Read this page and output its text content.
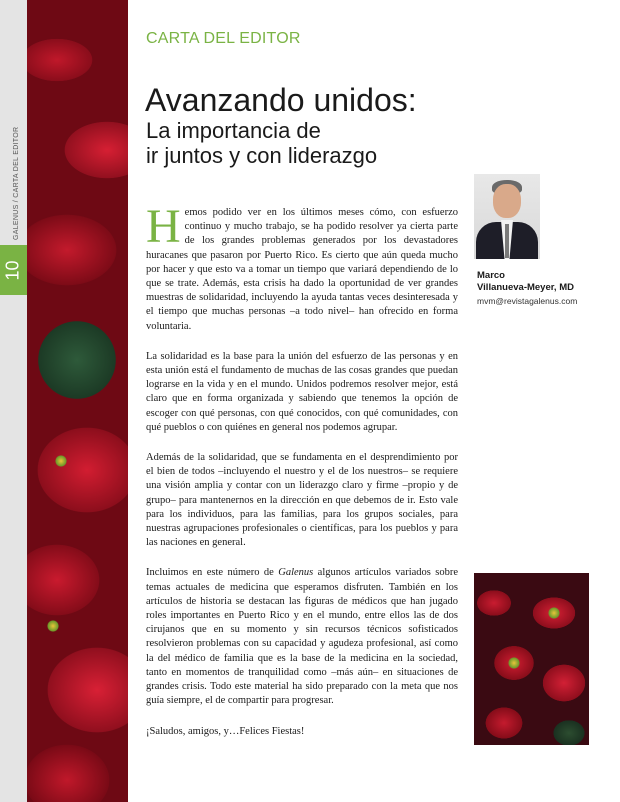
GALENUS / CARTA DEL EDITOR
10
CARTA DEL EDITOR
Avanzando unidos:
La importancia de
ir juntos y con liderazgo

Hemos podido ver en los últimos meses cómo, con esfuerzo continuo y mucho trabajo, se ha podido resolver ya cierta parte de los grandes problemas generados por los devastadores huracanes que pasaron por Puerto Rico. Es cierto que aún queda mucho por hacer y que esto va a tomar un tiempo que variará dependiendo de lo que se trate. Además, esta crisis ha dado la oportunidad de ver grandes muestras de solidaridad, incluyendo la ayuda tantas veces desinteresada y el tiempo que muchas personas –a todo nivel– han ofrecido en forma voluntaria.

La solidaridad es la base para la unión del esfuerzo de las personas y en esta unión está el fundamento de muchas de las cosas grandes que puedan lograrse en la vida y en el mundo. Unidos podremos resolver mejor, está claro que en forma organizada y sabiendo que tenemos la opción de escoger con qué personas, con qué conocidos, con qué comunidades, con qué pueblos o con quiénes en general nos podemos agrupar.

Además de la solidaridad, que se fundamenta en el desprendimiento por el bien de todos –incluyendo el nuestro y el de los nuestros– se requiere una visión amplia y contar con un liderazgo claro y firme –propio y de grupo– para mantenernos en la dirección en que debemos de ir. Esto vale para los individuos, para las familias, para los grupos sociales, para nuestras agrupaciones profesionales o científicas, para los pueblos y para las naciones en general.

Incluimos en este número de Galenus algunos artículos variados sobre temas actuales de medicina que esperamos disfruten. También en los artículos de historia se destacan las figuras de médicos que han jugado roles importantes en Puerto Rico y en el mundo, entre ellos las de dos cirujanos que en su momento y sin recursos técnicos sofisticados resolvieron problemas con su capacidad y agudeza profesional, así como la del médico de familia que es la base de la medicina en la sociedad, tanto en momentos de tranquilidad como –más aún– en situaciones de grandes crisis. Todo este material ha sido preparado con la meta que nos guía siempre, el de compartir para progresar.

¡Saludos, amigos, y…Felices Fiestas!

Marco
Villanueva-Meyer, MD
mvm@revistagalenus.com
